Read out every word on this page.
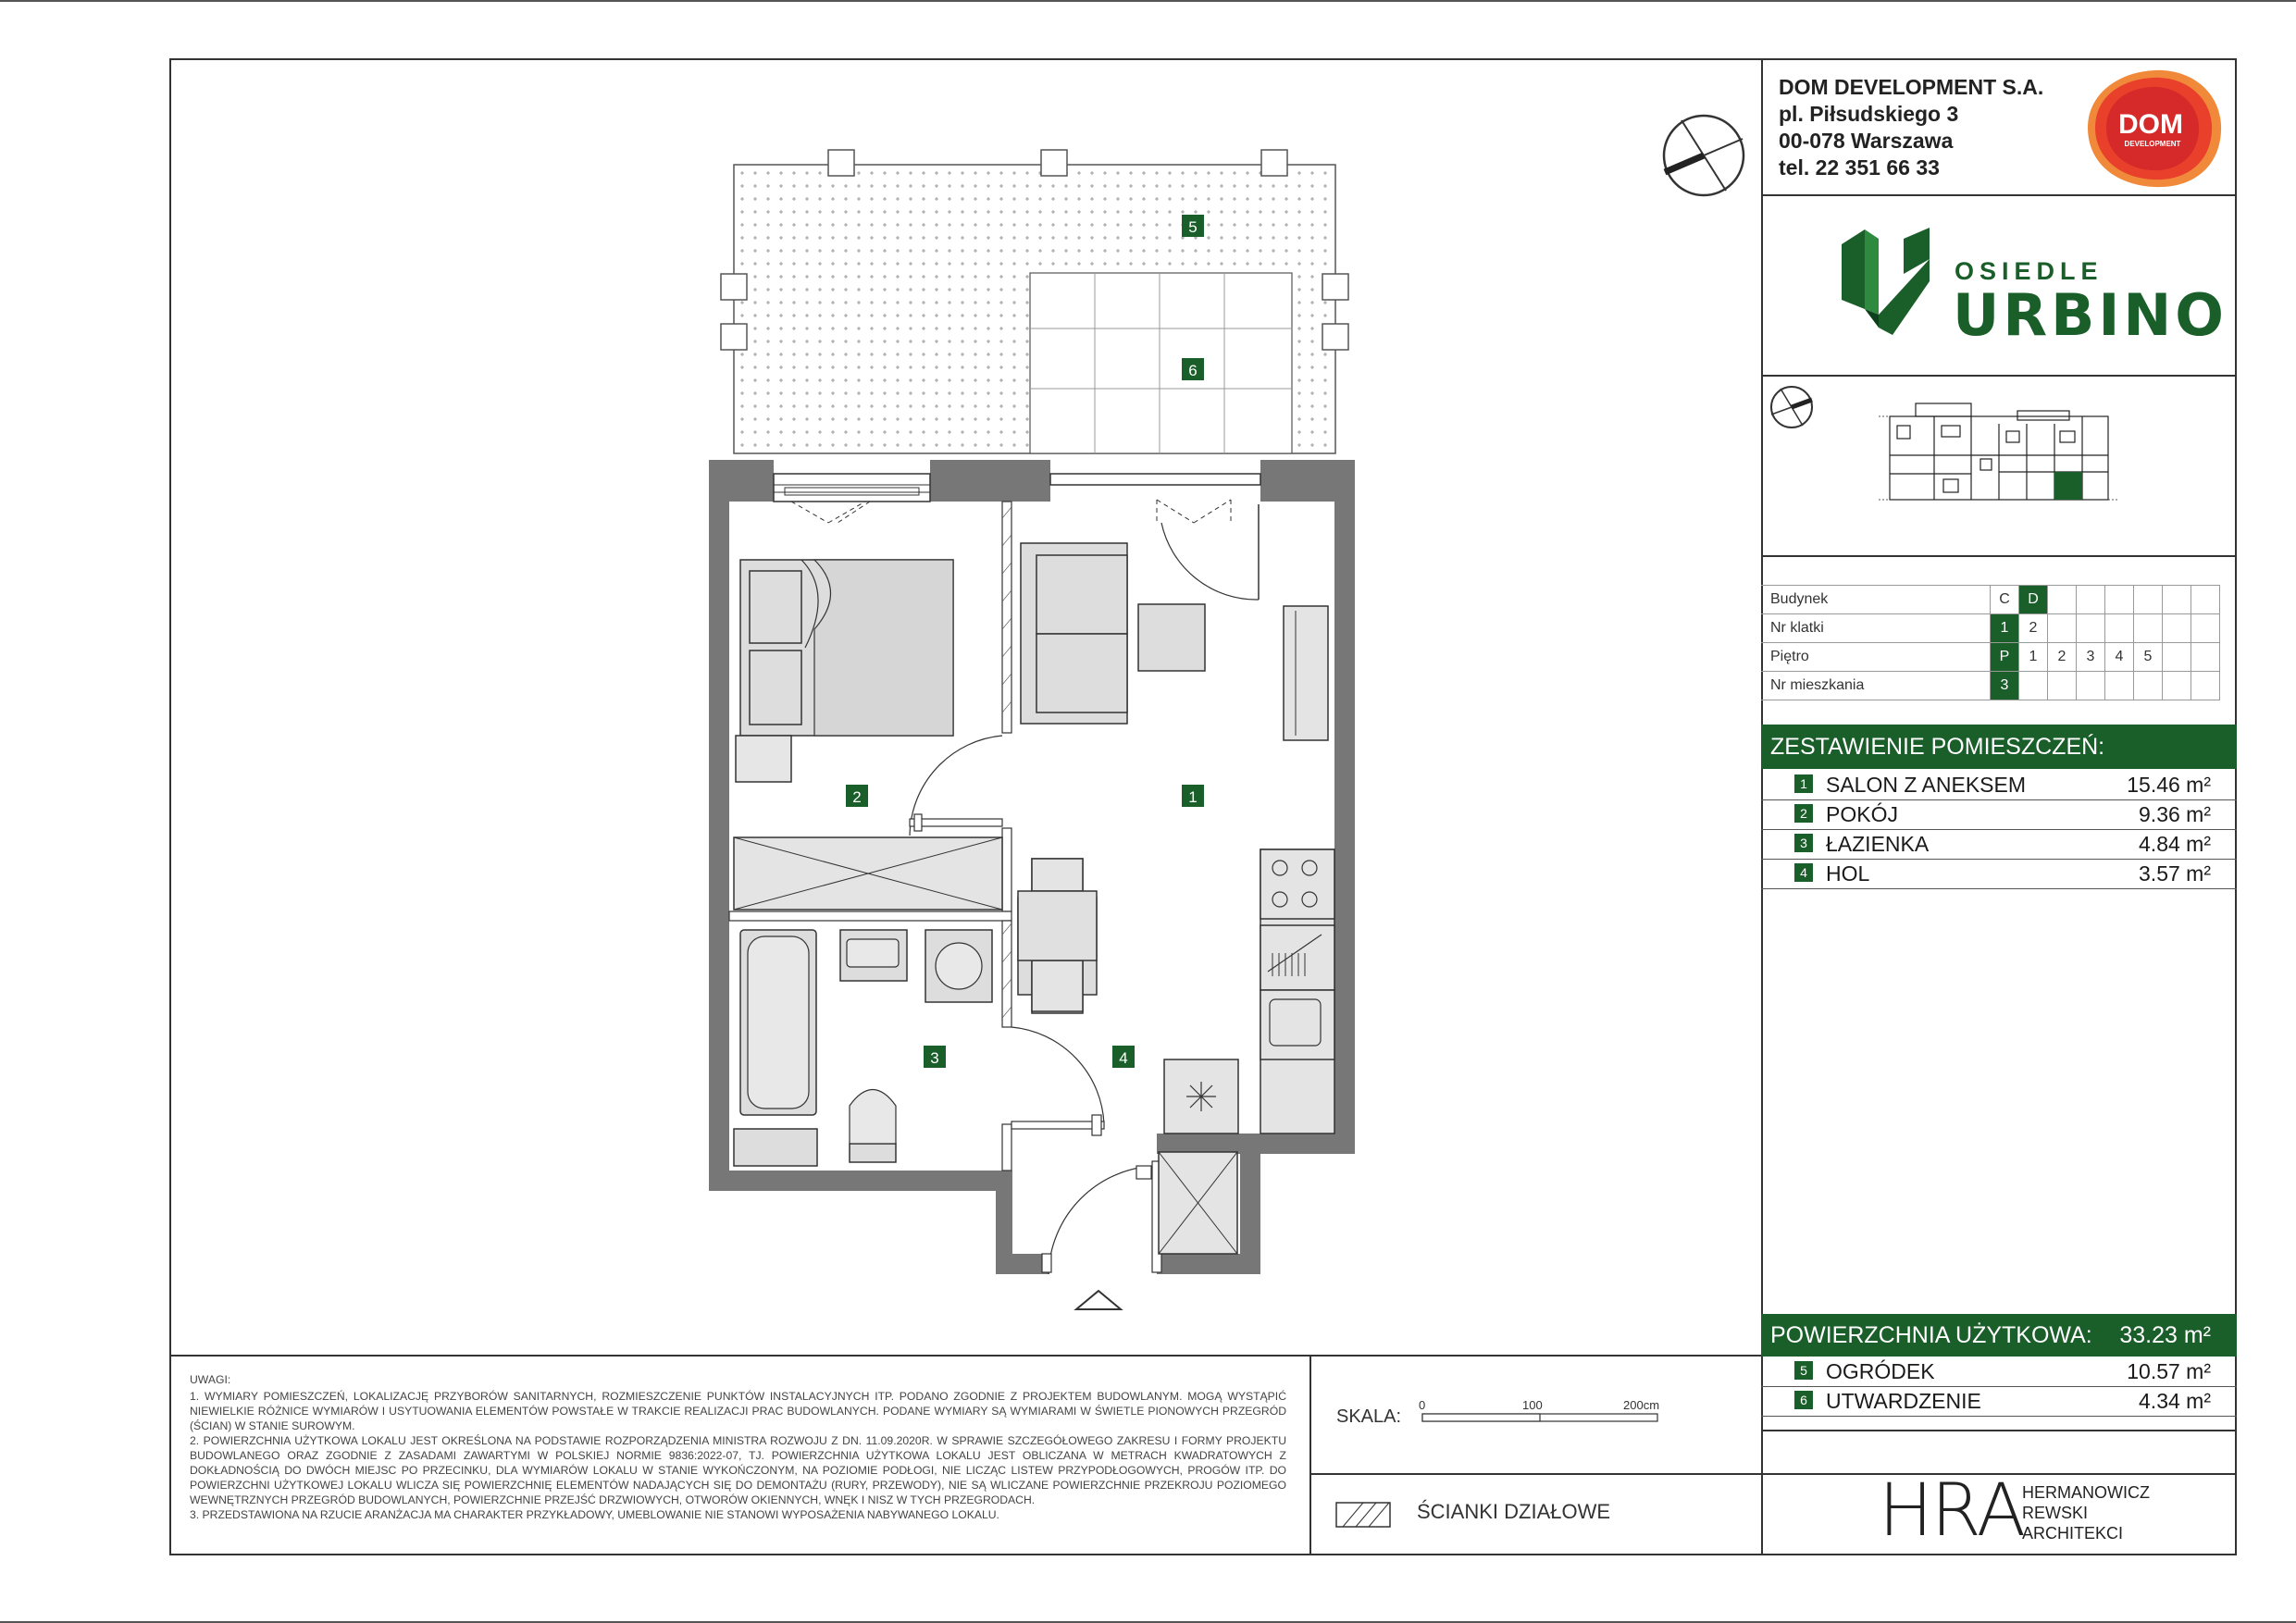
DOM DEVELOPMENT S.A.
pl. Piłsudskiego 3
00-078 Warszawa
tel. 22 351 66 33
DOM
DEVELOPMENT
OSIEDLE
URBINO
Budynek	C	D						
Nr klatki	1	2						
Piętro	P	1	2	3	4	5		
Nr mieszkania	3							
ZESTAWIENIE POMIESZCZEŃ:
1 SALON Z ANEKSEM	15.46 m²
2 POKÓJ	9.36 m²
3 ŁAZIENKA	4.84 m²
4 HOL	3.57 m²
POWIERZCHNIA UŻYTKOWA: 33.23 m²
5 OGRÓDEK	10.57 m²
6 UTWARDZENIE	4.34 m²
UWAGI:
1. WYMIARY POMIESZCZEŃ, LOKALIZACJĘ PRZYBORÓW SANITARNYCH, ROZMIESZCZENIE PUNKTÓW INSTALACYJNYCH ITP. PODANO ZGODNIE Z PROJEKTEM BUDOWLANYM. MOGĄ WYSTĄPIĆ NIEWIELKIE RÓŻNICE WYMIARÓW I USYTUOWANIA ELEMENTÓW POWSTAŁE W TRAKCIE REALIZACJI PRAC BUDOWLANYCH. PODANE WYMIARY SĄ WYMIARAMI W ŚWIETLE PIONOWYCH PRZEGRÓD (ŚCIAN) W STANIE SUROWYM.
2. POWIERZCHNIA UŻYTKOWA LOKALU JEST OKREŚLONA NA PODSTAWIE ROZPORZĄDZENIA MINISTRA ROZWOJU Z DN. 11.09.2020R. W SPRAWIE SZCZEGÓŁOWEGO ZAKRESU I FORMY PROJEKTU BUDOWLANEGO ORAZ ZGODNIE Z ZASADAMI ZAWARTYMI W POLSKIEJ NORMIE 9836:2022-07, TJ. POWIERZCHNIA UŻYTKOWA LOKALU JEST OBLICZANA W METRACH KWADRATOWYCH Z DOKŁADNOŚCIĄ DO DWÓCH MIEJSC PO PRZECINKU, DLA WYMIARÓW LOKALU W STANIE WYKOŃCZONYM, NA POZIOMIE PODŁOGI, NIE LICZĄC LISTEW PRZYPODŁOGOWYCH, PROGÓW ITP. DO POWIERZCHNI UŻYTKOWEJ LOKALU WLICZA SIĘ POWIERZCHNIĘ ELEMENTÓW NADAJĄCYCH SIĘ DO DEMONTAŻU (RURY, PRZEWODY), NIE SĄ WLICZANE POWIERZCHNIE PRZEKROJU POZIOMEGO WEWNĘTRZNYCH PRZEGRÓD BUDOWLANYCH, POWIERZCHNIE PRZEJŚĆ DRZWIOWYCH, OTWORÓW OKIENNYCH, WNĘK I NISZ W TYCH PRZEGRODACH.
3. PRZEDSTAWIONA NA RZUCIE ARANŻACJA MA CHARAKTER PRZYKŁADOWY, UMEBLOWANIE NIE STANOWI WYPOSAŻENIA NABYWANEGO LOKALU.
SKALA:
0	100	200cm
ŚCIANKI DZIAŁOWE	HRA
HERMANOWICZ
REWSKI
ARCHITEKCI
5
6
2	1
3	4
